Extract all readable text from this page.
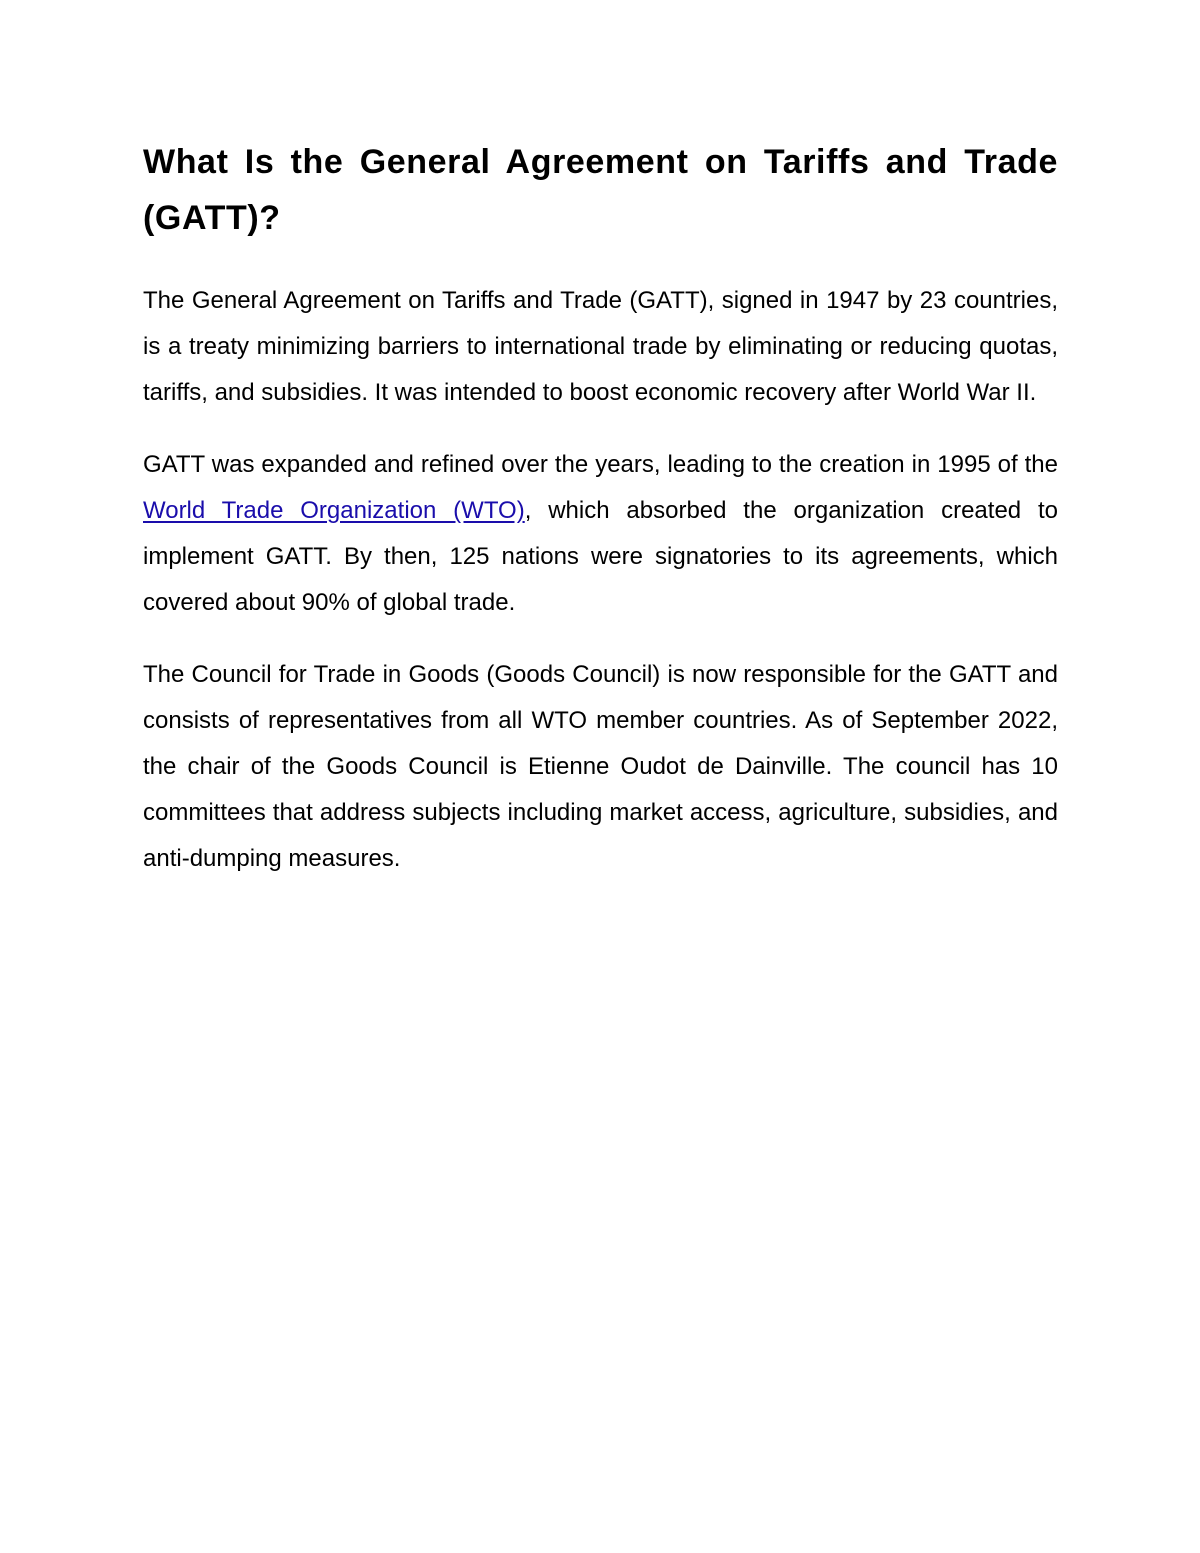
What Is the General Agreement on Tariffs and Trade (GATT)?

The General Agreement on Tariffs and Trade (GATT), signed in 1947 by 23 countries, is a treaty minimizing barriers to international trade by eliminating or reducing quotas, tariffs, and subsidies. It was intended to boost economic recovery after World War II.

GATT was expanded and refined over the years, leading to the creation in 1995 of the World Trade Organization (WTO), which absorbed the organization created to implement GATT. By then, 125 nations were signatories to its agreements, which covered about 90% of global trade.

The Council for Trade in Goods (Goods Council) is now responsible for the GATT and consists of representatives from all WTO member countries. As of September 2022, the chair of the Goods Council is Etienne Oudot de Dainville. The council has 10 committees that address subjects including market access, agriculture, subsidies, and anti-dumping measures.
